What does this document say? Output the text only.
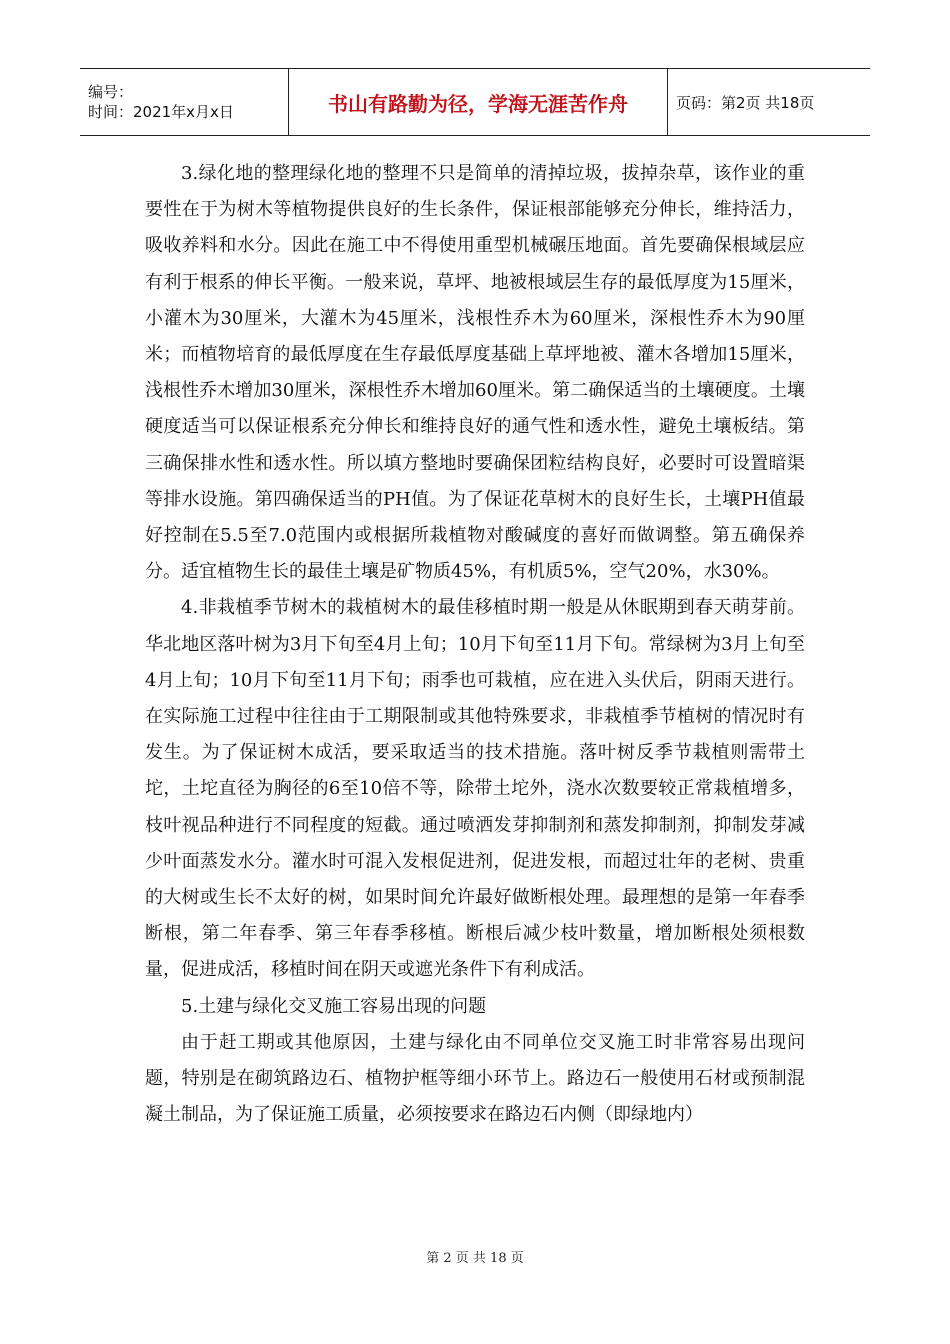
编号：
时间：2021年x月x日	书山有路勤为径，学海无涯苦作舟	页码：第2页 共18页

3.绿化地的整理绿化地的整理不只是简单的清掉垃圾，拔掉杂草，该作业的重要性在于为树木等植物提供良好的生长条件，保证根部能够充分伸长，维持活力，吸收养料和水分。因此在施工中不得使用重型机械碾压地面。首先要确保根域层应有利于根系的伸长平衡。一般来说，草坪、地被根域层生存的最低厚度为15厘米，小灌木为30厘米，大灌木为45厘米，浅根性乔木为60厘米，深根性乔木为90厘米；而植物培育的最低厚度在生存最低厚度基础上草坪地被、灌木各增加15厘米，浅根性乔木增加30厘米，深根性乔木增加60厘米。第二确保适当的土壤硬度。土壤硬度适当可以保证根系充分伸长和维持良好的通气性和透水性，避免土壤板结。第三确保排水性和透水性。所以填方整地时要确保团粒结构良好，必要时可设置暗渠等排水设施。第四确保适当的PH值。为了保证花草树木的良好生长，土壤PH值最好控制在5.5至7.0范围内或根据所栽植物对酸碱度的喜好而做调整。第五确保养分。适宜植物生长的最佳土壤是矿物质45%，有机质5%，空气20%，水30%。

4.非栽植季节树木的栽植树木的最佳移植时期一般是从休眠期到春天萌芽前。华北地区落叶树为3月下旬至4月上旬；10月下旬至11月下旬。常绿树为3月上旬至4月上旬；10月下旬至11月下旬；雨季也可栽植，应在进入头伏后，阴雨天进行。在实际施工过程中往往由于工期限制或其他特殊要求，非栽植季节植树的情况时有发生。为了保证树木成活，要采取适当的技术措施。落叶树反季节栽植则需带土坨，土坨直径为胸径的6至10倍不等，除带土坨外，浇水次数要较正常栽植增多，枝叶视品种进行不同程度的短截。通过喷洒发芽抑制剂和蒸发抑制剂，抑制发芽减少叶面蒸发水分。灌水时可混入发根促进剂，促进发根，而超过壮年的老树、贵重的大树或生长不太好的树，如果时间允许最好做断根处理。最理想的是第一年春季断根，第二年春季、第三年春季移植。断根后减少枝叶数量，增加断根处须根数量，促进成活，移植时间在阴天或遮光条件下有利成活。

5.土建与绿化交叉施工容易出现的问题

由于赶工期或其他原因，土建与绿化由不同单位交叉施工时非常容易出现问题，特别是在砌筑路边石、植物护框等细小环节上。路边石一般使用石材或预制混凝土制品，为了保证施工质量，必须按要求在路边石内侧（即绿地内）

第 2 页 共 18 页
